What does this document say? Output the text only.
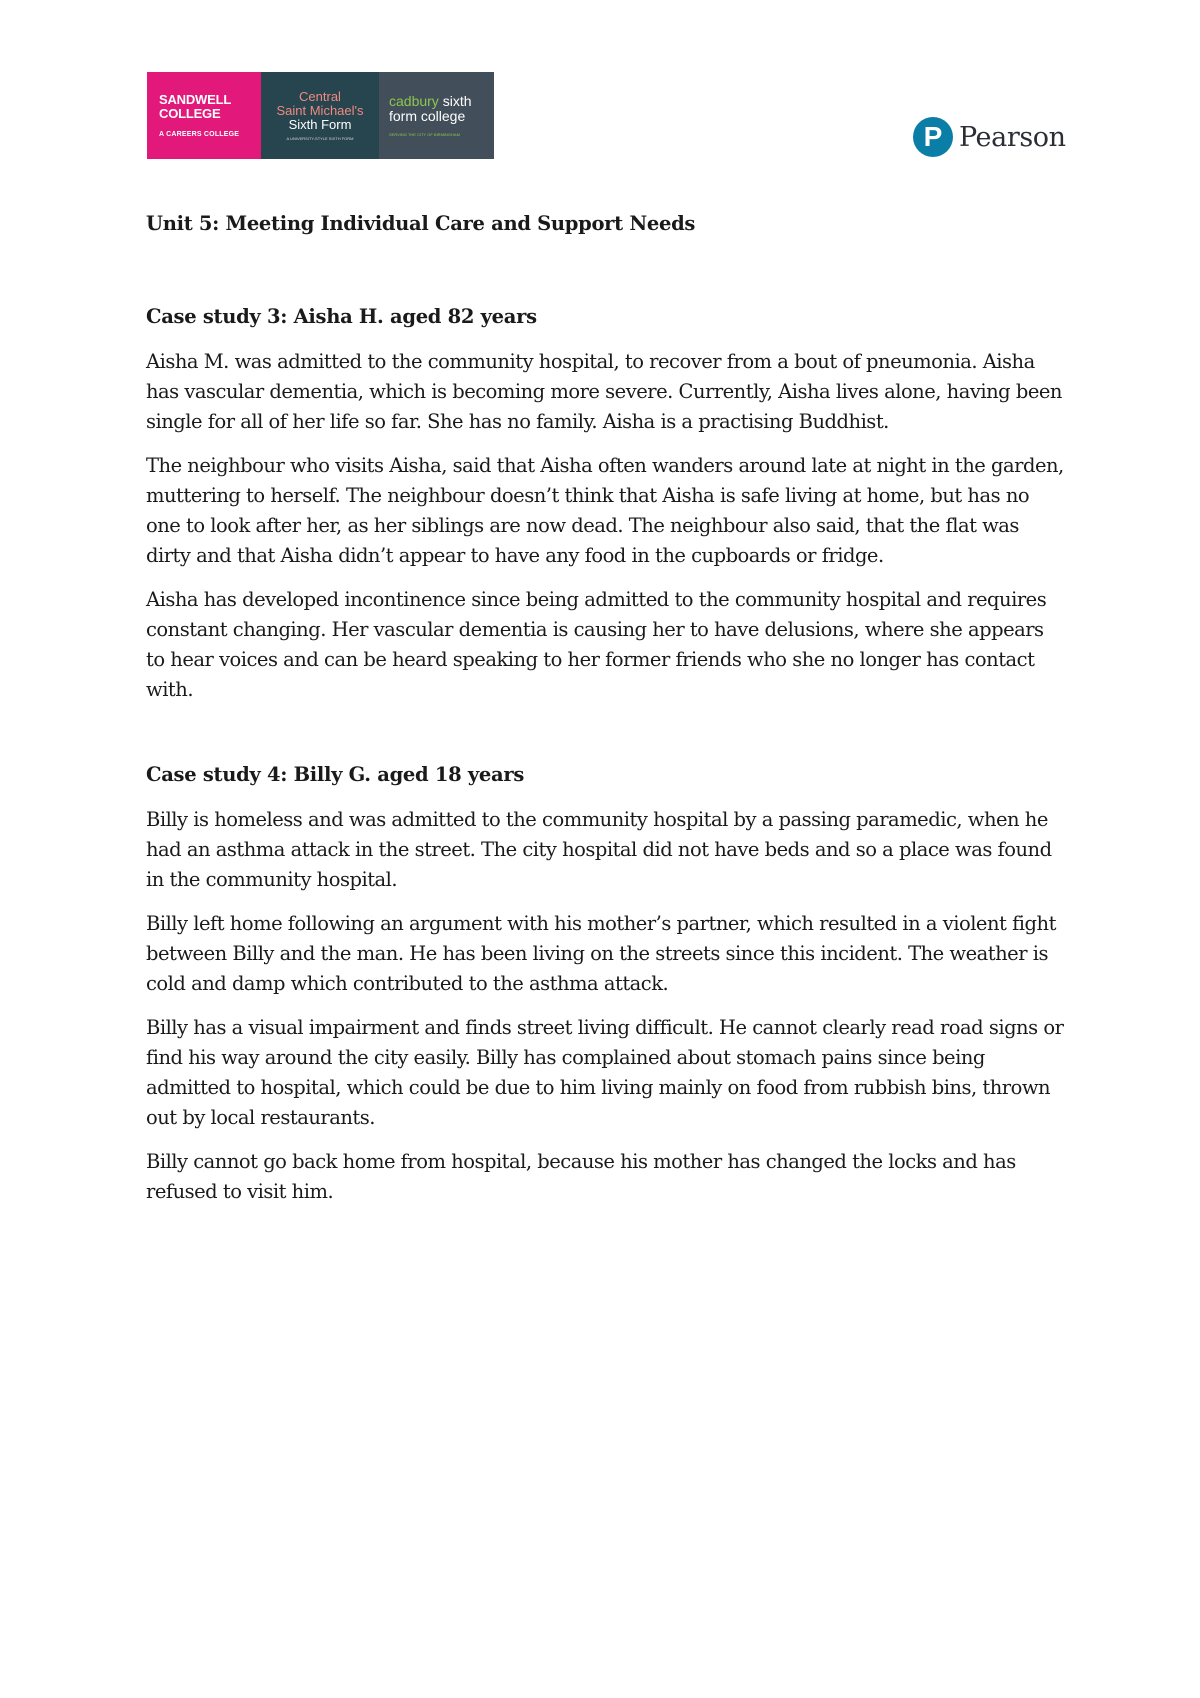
SANDWELL
COLLEGE
A CAREERS COLLEGE
Central
Saint Michael's
Sixth Form
A UNIVERSITY-STYLE SIXTH FORM
cadbury sixth
form college
SERVING THE CITY OF BIRMINGHAM	P Pearson
Unit 5: Meeting Individual Care and Support Needs
Case study 3: Aisha H. aged 82 years

Aisha M. was admitted to the community hospital, to recover from a bout of pneumonia. Aisha has vascular dementia, which is becoming more severe. Currently, Aisha lives alone, having been single for all of her life so far. She has no family. Aisha is a practising Buddhist.

The neighbour who visits Aisha, said that Aisha often wanders around late at night in the garden, muttering to herself. The neighbour doesn’t think that Aisha is safe living at home, but has no one to look after her, as her siblings are now dead. The neighbour also said, that the flat was dirty and that Aisha didn’t appear to have any food in the cupboards or fridge.

Aisha has developed incontinence since being admitted to the community hospital and requires constant changing. Her vascular dementia is causing her to have delusions, where she appears to hear voices and can be heard speaking to her former friends who she no longer has contact with.

Case study 4: Billy G. aged 18 years

Billy is homeless and was admitted to the community hospital by a passing paramedic, when he had an asthma attack in the street. The city hospital did not have beds and so a place was found in the community hospital.

Billy left home following an argument with his mother’s partner, which resulted in a violent fight between Billy and the man. He has been living on the streets since this incident. The weather is cold and damp which contributed to the asthma attack.

Billy has a visual impairment and finds street living difficult. He cannot clearly read road signs or find his way around the city easily. Billy has complained about stomach pains since being admitted to hospital, which could be due to him living mainly on food from rubbish bins, thrown out by local restaurants.

Billy cannot go back home from hospital, because his mother has changed the locks and has refused to visit him.
